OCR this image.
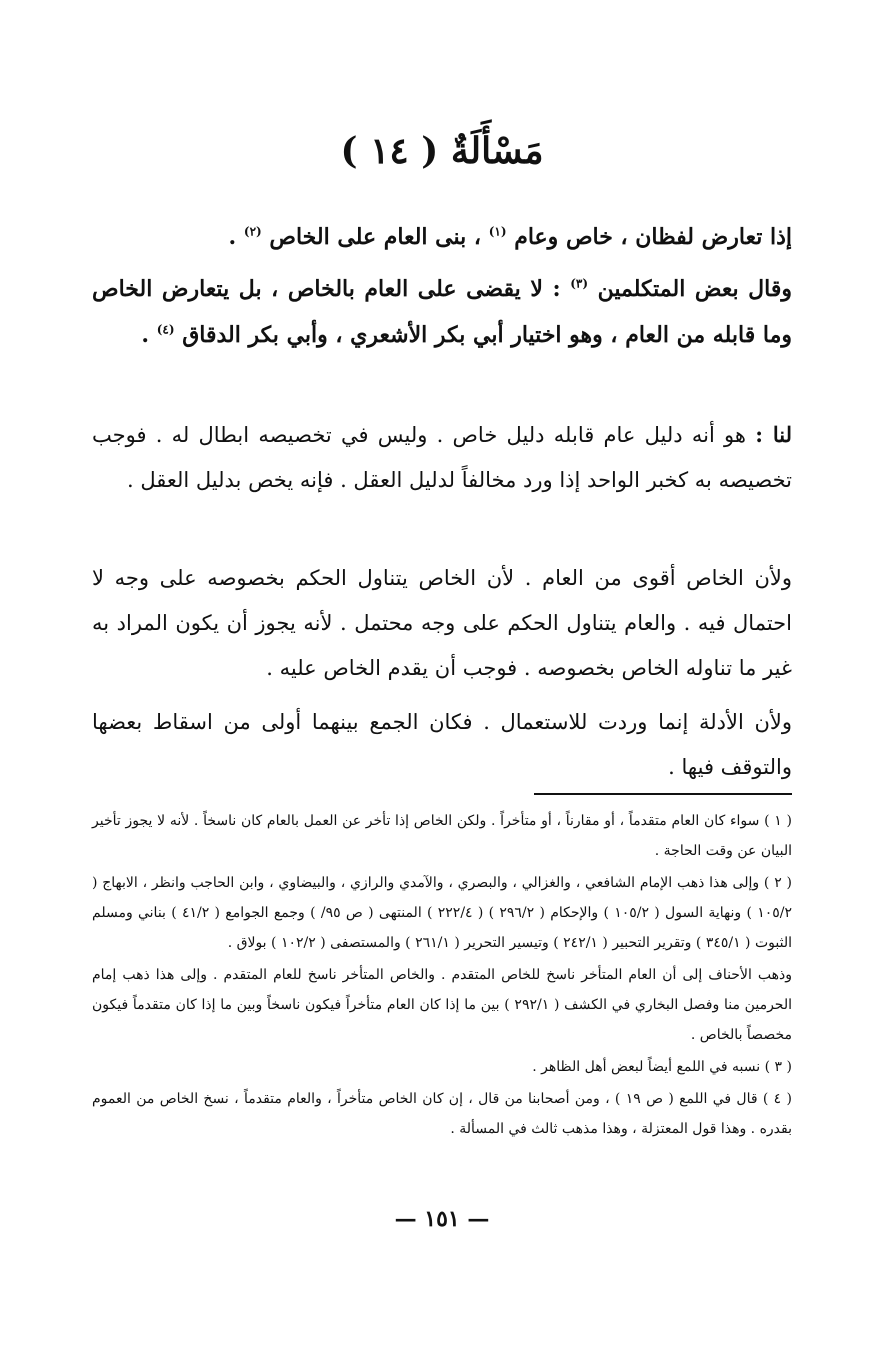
مَسْأَلَةٌ ( ١٤ )
إذا تعارض لفظان ، خاص وعام $^{(١)}$ ، بنى العام على الخاص $^{(٢)}$ .
وقال بعض المتكلمين $^{(٣)}$ : لا يقضى على العام بالخاص ، بل يتعارض الخاص وما قابله من العام ، وهو اختيار أبي بكر الأشعري ، وأبي بكر الدقاق $^{(٤)}$ .
لنا : هو أنه دليل عام قابله دليل خاص . وليس في تخصيصه ابطال له . فوجب تخصيصه به كخبر الواحد إذا ورد مخالفاً لدليل العقل . فإنه يخص بدليل العقل .
ولأن الخاص أقوى من العام . لأن الخاص يتناول الحكم بخصوصه على وجه لا احتمال فيه . والعام يتناول الحكم على وجه محتمل . لأنه يجوز أن يكون المراد به غير ما تناوله الخاص بخصوصه . فوجب أن يقدم الخاص عليه .
ولأن الأدلة إنما وردت للاستعمال . فكان الجمع بينهما أولى من اسقاط بعضها والتوقف فيها .

( ١ ) سواء كان العام متقدماً ، أو مقارناً ، أو متأخراً . ولكن الخاص إذا تأخر عن العمل بالعام كان ناسخاً . لأنه لا يجوز تأخير البيان عن وقت الحاجة .

( ٢ ) وإلى هذا ذهب الإمام الشافعي ، والغزالي ، والبصري ، والآمدي والرازي ، والبيضاوي ، وابن الحاجب وانظر ، الابهاج ( ١٠٥/٢ ) ونهاية السول ( ١٠٥/٢ ) والإحكام ( ٢٩٦/٢ ) ( ٢٢٢/٤ ) المنتهى ( ص ٩٥/ ) وجمع الجوامع ( ٤١/٢ ) بناني ومسلم الثبوت ( ٣٤٥/١ ) وتقرير التحبير ( ٢٤٢/١ ) وتيسير التحرير ( ٢٦١/١ ) والمستصفى ( ١٠٢/٢ ) بولاق .

وذهب الأحناف إلى أن العام المتأخر ناسخ للخاص المتقدم . والخاص المتأخر ناسخ للعام المتقدم . وإلى هذا ذهب إمام الحرمين منا وفصل البخاري في الكشف ( ٢٩٢/١ ) بين ما إذا كان العام متأخراً فيكون ناسخاً وبين ما إذا كان متقدماً فيكون مخصصاً بالخاص .

( ٣ ) نسبه في اللمع أيضاً لبعض أهل الظاهر .

( ٤ ) قال في اللمع ( ص ١٩ ) ، ومن أصحابنا من قال ، إن كان الخاص متأخراً ، والعام متقدماً ، نسخ الخاص من العموم بقدره . وهذا قول المعتزلة ، وهذا مذهب ثالث في المسألة .

— ١٥١ —
